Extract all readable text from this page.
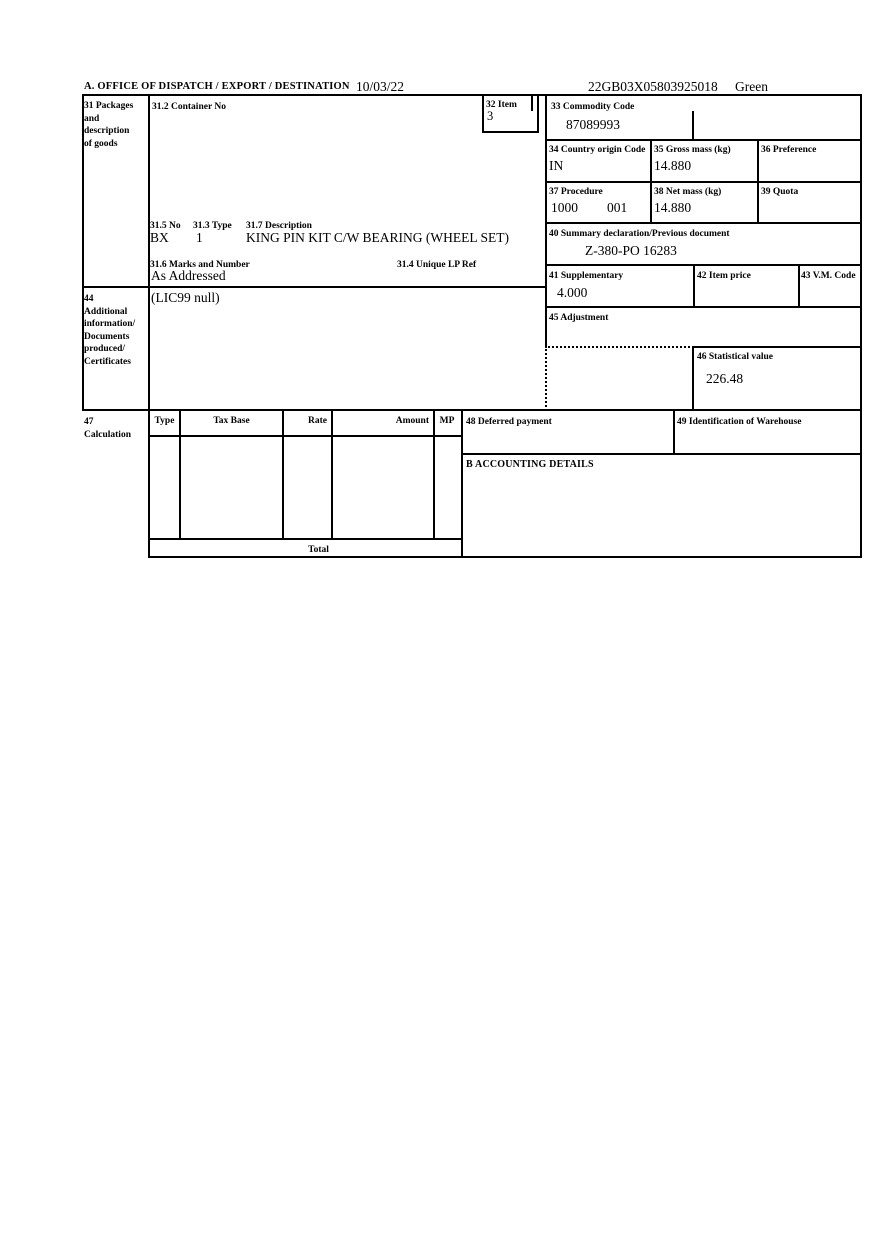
A. OFFICE OF DISPATCH / EXPORT / DESTINATION 10/03/22	22GB03X05803925018 Green
31 Packages
and
description
of goods
31.2 Container No	32 Item
3
31.5 No 31.3 Type 31.7 Description
BX 1	KING PIN KIT C/W BEARING (WHEEL SET)
31.6 Marks and Number	31.4 Unique LP Ref
As Addressed
44
Additional
information/
Documents
produced/
Certificates
(LIC99 null)
33 Commodity Code
87089993
34 Country origin Code
IN
35 Gross mass (kg)
14.880
36 Preference
37 Procedure
1000 001
38 Net mass (kg)
14.880
39 Quota
40 Summary declaration/Previous document
Z-380-PO 16283
41 Supplementary
4.000
42 Item price	43 V.M. Code
45 Adjustment
46 Statistical value
226.48
47
Calculation
Type	Tax Base	Rate	Amount	MP
Total
48 Deferred payment	49 Identification of Warehouse
B ACCOUNTING DETAILS
